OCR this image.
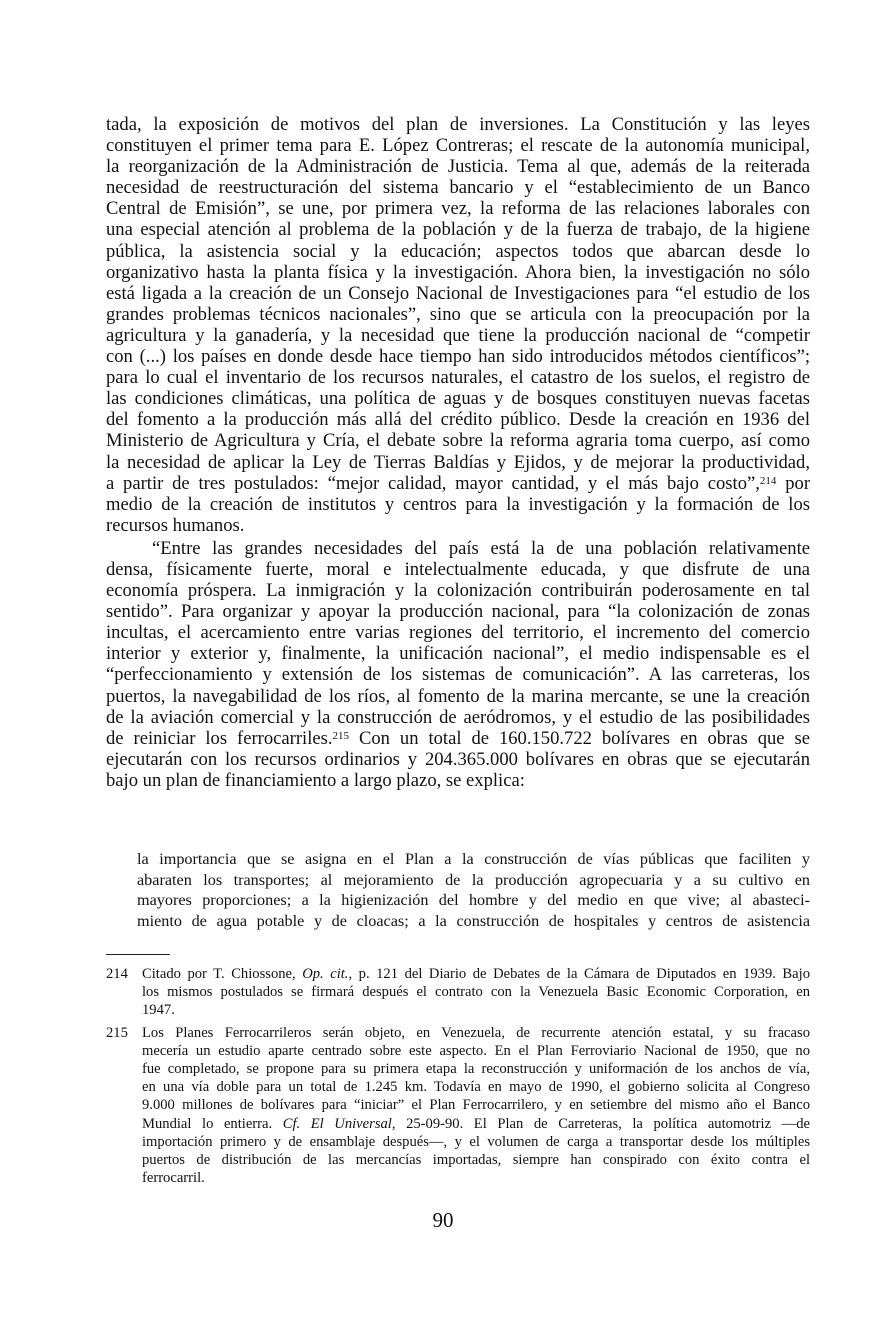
tada, la exposición de motivos del plan de inversiones. La Constitución y las leyes
constituyen el primer tema para E. López Contreras; el rescate de la autonomía municipal,
la reorganización de la Administración de Justicia. Tema al que, además de la reiterada
necesidad de reestructuración del sistema bancario y el “establecimiento de un Banco
Central de Emisión”, se une, por primera vez, la reforma de las relaciones laborales con
una especial atención al problema de la población y de la fuerza de trabajo, de la higiene
pública, la asistencia social y la educación; aspectos todos que abarcan desde lo
organizativo hasta la planta física y la investigación. Ahora bien, la investigación no sólo
está ligada a la creación de un Consejo Nacional de Investigaciones para “el estudio de los
grandes problemas técnicos nacionales”, sino que se articula con la preocupación por la
agricultura y la ganadería, y la necesidad que tiene la producción nacional de “competir
con (...) los países en donde desde hace tiempo han sido introducidos métodos científicos”;
para lo cual el inventario de los recursos naturales, el catastro de los suelos, el registro de
las condiciones climáticas, una política de aguas y de bosques constituyen nuevas facetas
del fomento a la producción más allá del crédito público. Desde la creación en 1936 del
Ministerio de Agricultura y Cría, el debate sobre la reforma agraria toma cuerpo, así como
la necesidad de aplicar la Ley de Tierras Baldías y Ejidos, y de mejorar la productividad,
a partir de tres postulados: “mejor calidad, mayor cantidad, y el más bajo costo”,$^{214}$ por
medio de la creación de institutos y centros para la investigación y la formación de los
recursos humanos.
“Entre las grandes necesidades del país está la de una población relativamente
densa, físicamente fuerte, moral e intelectualmente educada, y que disfrute de una
economía próspera. La inmigración y la colonización contribuirán poderosamente en tal
sentido”. Para organizar y apoyar la producción nacional, para “la colonización de zonas
incultas, el acercamiento entre varias regiones del territorio, el incremento del comercio
interior y exterior y, finalmente, la unificación nacional”, el medio indispensable es el
“perfeccionamiento y extensión de los sistemas de comunicación”. A las carreteras, los
puertos, la navegabilidad de los ríos, al fomento de la marina mercante, se une la creación
de la aviación comercial y la construcción de aeródromos, y el estudio de las posibilidades
de reiniciar los ferrocarriles.$^{215}$ Con un total de 160.150.722 bolívares en obras que se
ejecutarán con los recursos ordinarios y 204.365.000 bolívares en obras que se ejecutarán
bajo un plan de financiamiento a largo plazo, se explica:
la importancia que se asigna en el Plan a la construcción de vías públicas que faciliten y
abaraten los transportes; al mejoramiento de la producción agropecuaria y a su cultivo en
mayores proporciones; a la higienización del hombre y del medio en que vive; al abasteci-
miento de agua potable y de cloacas; a la construcción de hospitales y centros de asistencia
214 Citado por T. Chiossone, Op. cit., p. 121 del Diario de Debates de la Cámara de Diputados en 1939. Bajo
los mismos postulados se firmará después el contrato con la Venezuela Basic Economic Corporation, en
1947.
215 Los Planes Ferrocarrileros serán objeto, en Venezuela, de recurrente atención estatal, y su fracaso
mecería un estudio aparte centrado sobre este aspecto. En el Plan Ferroviario Nacional de 1950, que no
fue completado, se propone para su primera etapa la reconstrucción y uniformación de los anchos de vía,
en una vía doble para un total de 1.245 km. Todavía en mayo de 1990, el gobierno solicita al Congreso
9.000 millones de bolívares para “iniciar” el Plan Ferrocarrilero, y en setiembre del mismo año el Banco
Mundial lo entierra. Cf. El Universal, 25-09-90. El Plan de Carreteras, la política automotriz —de
importación primero y de ensamblaje después—, y el volumen de carga a transportar desde los múltiples
puertos de distribución de las mercancías importadas, siempre han conspirado con éxito contra el
ferrocarril.
90
